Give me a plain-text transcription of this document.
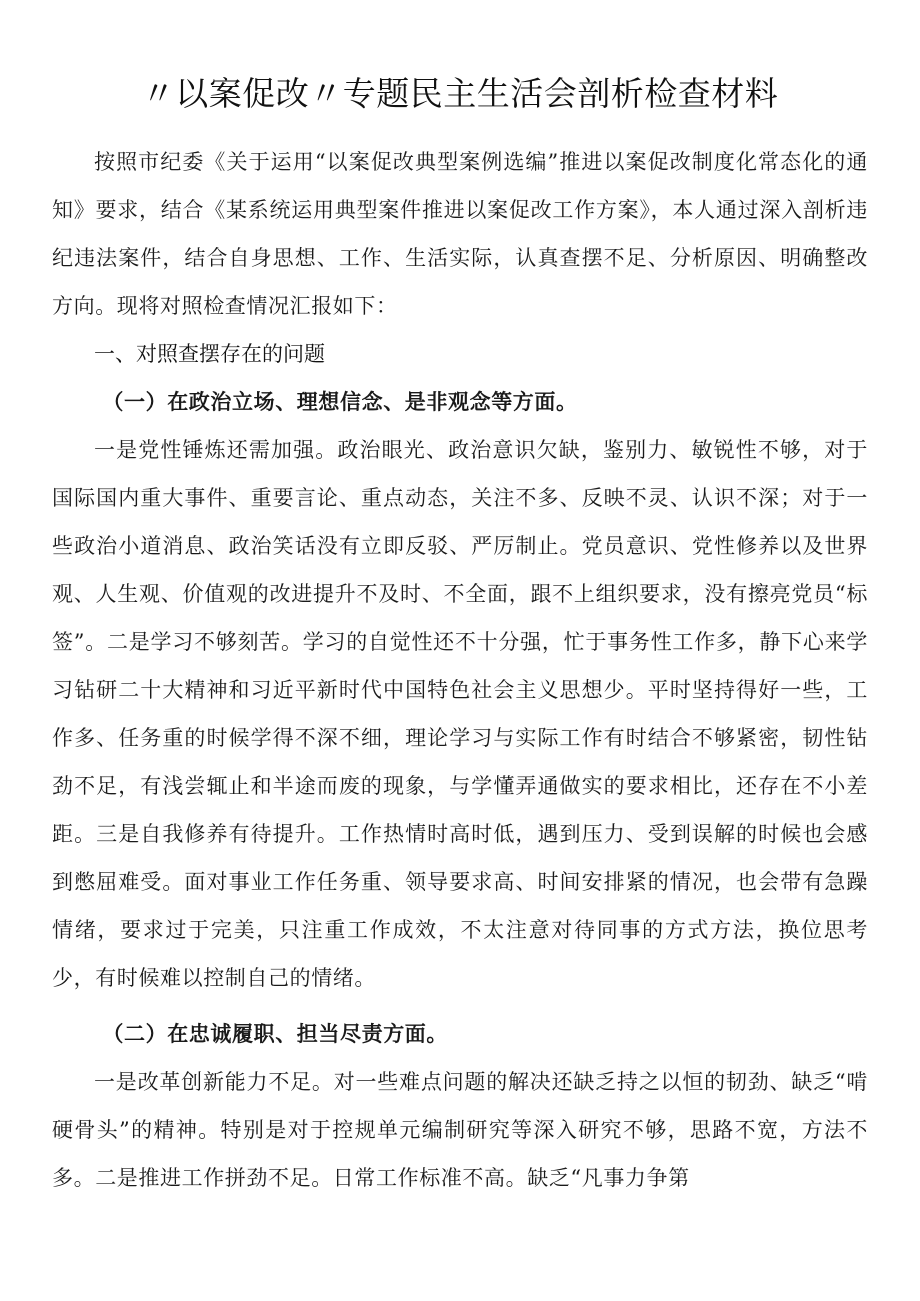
〃以案促改〃专题民主生活会剖析检查材料

按照市纪委《关于运用“以案促改典型案例选编”推进以案促改制度化常态化的通知》要求，结合《某系统运用典型案件推进以案促改工作方案》，本人通过深入剖析违纪违法案件，结合自身思想、工作、生活实际，认真查摆不足、分析原因、明确整改方向。现将对照检查情况汇报如下：

一、对照查摆存在的问题

（一）在政治立场、理想信念、是非观念等方面。

一是党性锤炼还需加强。政治眼光、政治意识欠缺，鉴别力、敏锐性不够，对于国际国内重大事件、重要言论、重点动态，关注不多、反映不灵、认识不深；对于一些政治小道消息、政治笑话没有立即反驳、严厉制止。党员意识、党性修养以及世界观、人生观、价值观的改进提升不及时、不全面，跟不上组织要求，没有擦亮党员“标签”。二是学习不够刻苦。学习的自觉性还不十分强，忙于事务性工作多，静下心来学习钻研二十大精神和习近平新时代中国特色社会主义思想少。平时坚持得好一些，工作多、任务重的时候学得不深不细，理论学习与实际工作有时结合不够紧密，韧性钻劲不足，有浅尝辄止和半途而废的现象，与学懂弄通做实的要求相比，还存在不小差距。三是自我修养有待提升。工作热情时高时低，遇到压力、受到误解的时候也会感到憋屈难受。面对事业工作任务重、领导要求高、时间安排紧的情况，也会带有急躁情绪，要求过于完美，只注重工作成效，不太注意对待同事的方式方法，换位思考少，有时候难以控制自己的情绪。

（二）在忠诚履职、担当尽责方面。

一是改革创新能力不足。对一些难点问题的解决还缺乏持之以恒的韧劲、缺乏“啃硬骨头”的精神。特别是对于控规单元编制研究等深入研究不够，思路不宽，方法不多。二是推进工作拼劲不足。日常工作标准不高。缺乏“凡事力争第
